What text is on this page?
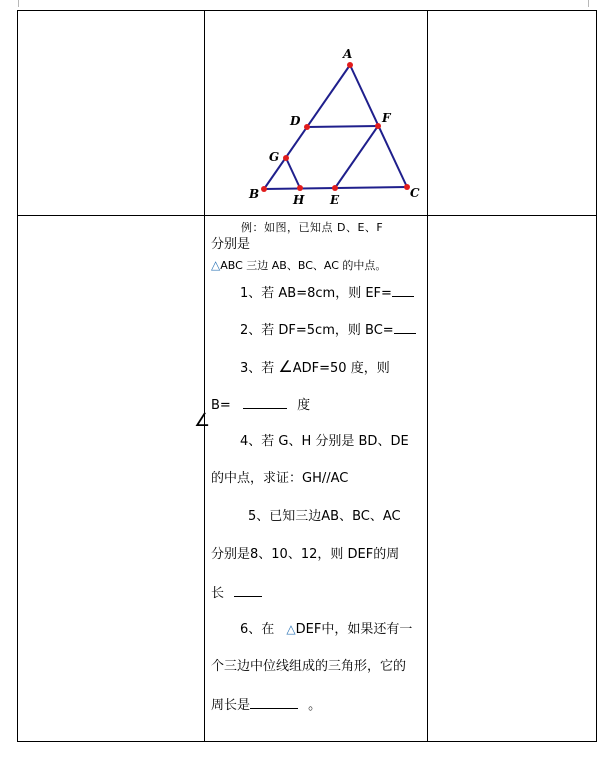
A
B	C
D	F
G
H E
∠
例：如图，已知点 D、E、F
分别是
△ABC 三边 AB、BC、AC 的中点。
1、若 AB=8cm，则 EF=
2、若 DF=5cm，则 BC=
3、若 ∠ADF=50 度，则
B=	度
4、若 G、H 分别是 BD、DE
的中点，求证：GH//AC
5、已知三边AB、BC、AC
分别是8、10、12，则 DEF的周
长
6、在 △DEF中，如果还有一
个三边中位线组成的三角形，它的
周长是	。
